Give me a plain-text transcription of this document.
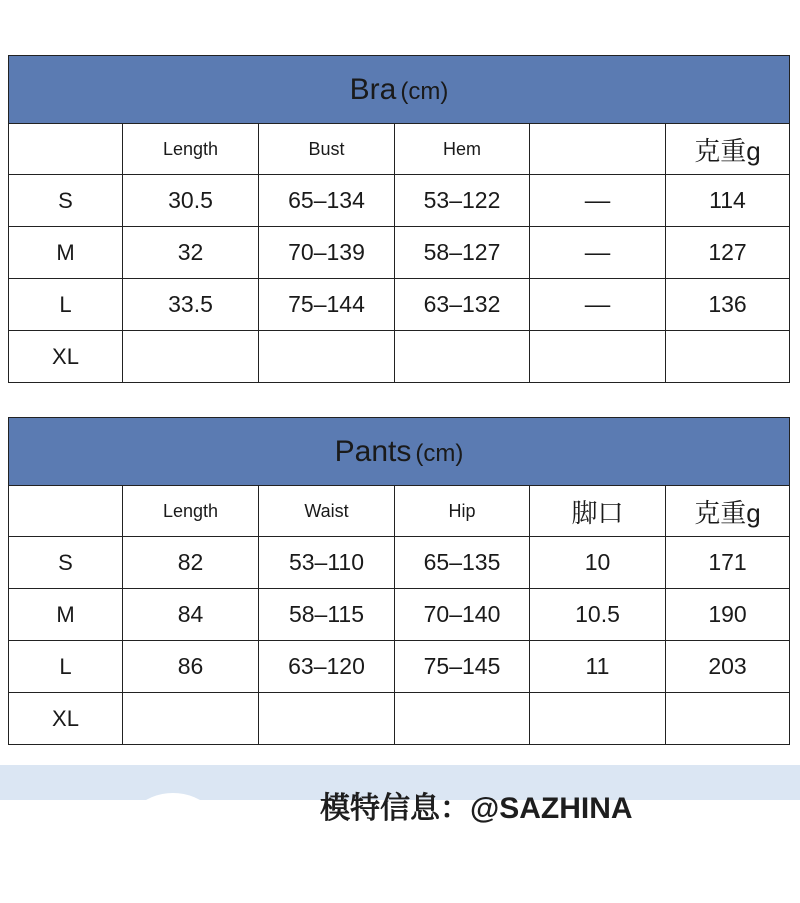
Bra (cm)					
	Length	Bust	Hem		克重g
S	30.5	65–134	53–122	––	114
M	32	70–139	58–127	––	127
L	33.5	75–144	63–132	––	136
XL					
Pants (cm)					
	Length	Waist	Hip	脚口	克重g
S	82	53–110	65–135	10	171
M	84	58–115	70–140	10.5	190
L	86	63–120	75–145	11	203
XL					
模特信息：@SAZHINA
